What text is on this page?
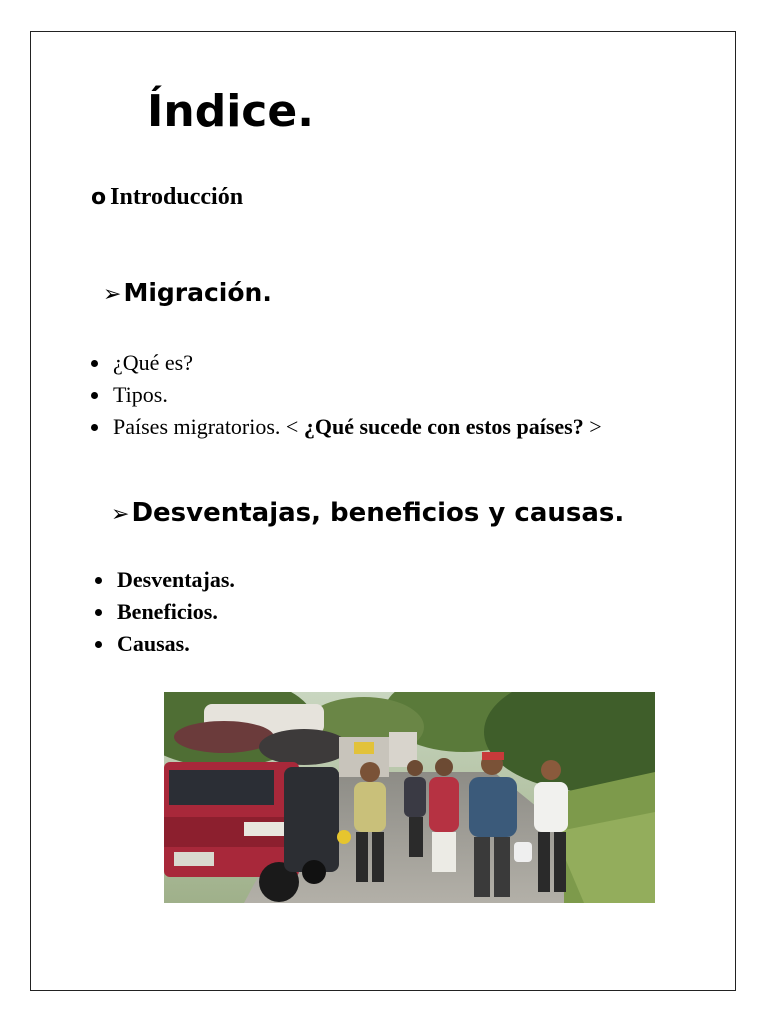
Índice.
o Introducción
➢Migración.
¿Qué es?
Tipos.
Países migratorios. < ¿Qué sucede con estos países? >
➢Desventajas, beneficios y causas.
Desventajas.
Beneficios.
Causas.
